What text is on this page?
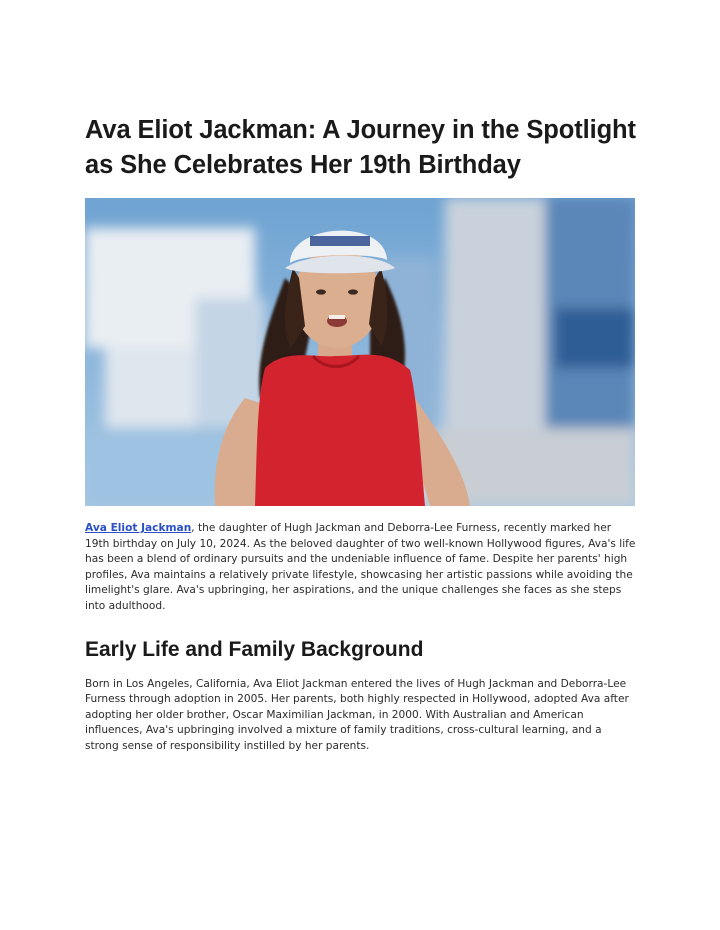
Ava Eliot Jackman: A Journey in the Spotlight as She Celebrates Her 19th Birthday

Ava Eliot Jackman, the daughter of Hugh Jackman and Deborra-Lee Furness, recently marked her 19th birthday on July 10, 2024. As the beloved daughter of two well-known Hollywood figures, Ava's life has been a blend of ordinary pursuits and the undeniable influence of fame. Despite her parents' high profiles, Ava maintains a relatively private lifestyle, showcasing her artistic passions while avoiding the limelight's glare. Ava's upbringing, her aspirations, and the unique challenges she faces as she steps into adulthood.

Early Life and Family Background

Born in Los Angeles, California, Ava Eliot Jackman entered the lives of Hugh Jackman and Deborra-Lee Furness through adoption in 2005. Her parents, both highly respected in Hollywood, adopted Ava after adopting her older brother, Oscar Maximilian Jackman, in 2000. With Australian and American influences, Ava's upbringing involved a mixture of family traditions, cross-cultural learning, and a strong sense of responsibility instilled by her parents.
